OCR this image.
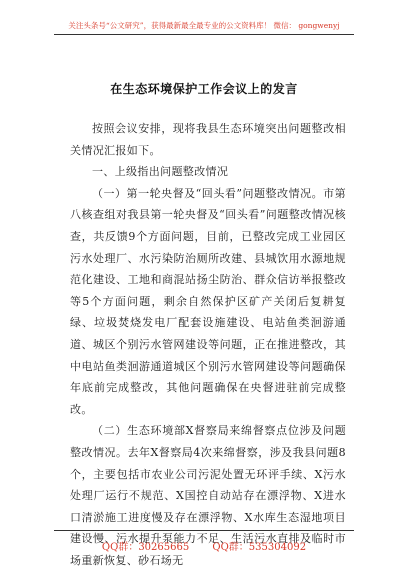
关注头条号“公文研究”，获得最新最全最专业的公文资料库！ 微信： gongwenyj
在生态环境保护工作会议上的发言

按照会议安排，现将我县生态环境突出问题整改相关情况汇报如下。

一、上级指出问题整改情况

（一）第一轮央督及“回头看”问题整改情况。市第八核查组对我县第一轮央督及“回头看”问题整改情况核查，共反馈9个方面问题，目前，已整改完成工业园区污水处理厂、水污染防治厕所改建、县城饮用水源地规范化建设、工地和商混站扬尘防治、群众信访举报整改等5个方面问题，剩余自然保护区矿产关闭后复耕复绿、垃圾焚烧发电厂配套设施建设、电站鱼类洄游通道、城区个别污水管网建设等问题，正在推进整改，其中电站鱼类洄游通道城区个别污水管网建设等问题确保年底前完成整改，其他问题确保在央督进驻前完成整改。

（二）生态环境部X督察局来绵督察点位涉及问题整改情况。去年X督察局4次来绵督察，涉及我县问题8个，主要包括市农业公司污泥处置无环评手续、X污水处理厂运行不规范、X国控自动站存在漂浮物、X进水口清淤施工进度慢及存在漂浮物、X水库生态湿地项目建设慢、污水提升泵能力不足、生活污水直排及临时市场重新恢复、砂石场无

QQ群：30265665 QQ群：535304092
